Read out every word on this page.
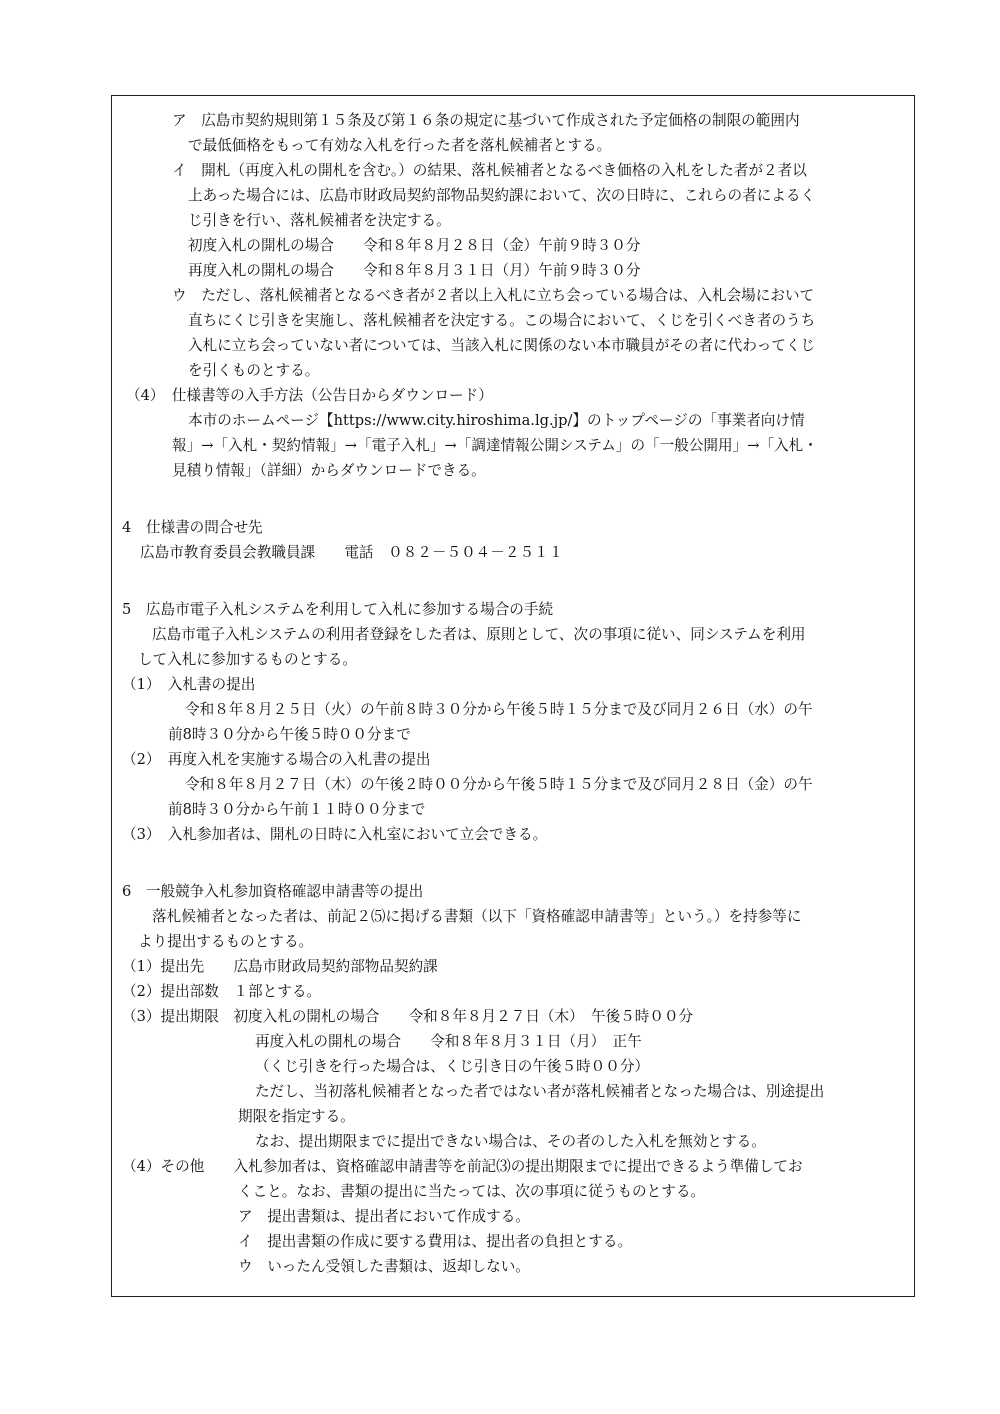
ア　広島市契約規則第１５条及び第１６条の規定に基づいて作成された予定価格の制限の範囲内
で最低価格をもって有効な入札を行った者を落札候補者とする。
イ　開札（再度入札の開札を含む。）の結果、落札候補者となるべき価格の入札をした者が２者以
上あった場合には、広島市財政局契約部物品契約課において、次の日時に、これらの者によるく
じ引きを行い、落札候補者を決定する。
初度入札の開札の場合　　令和８年８月２８日（金）午前９時３０分
再度入札の開札の場合　　令和８年８月３１日（月）午前９時３０分
ウ　ただし、落札候補者となるべき者が２者以上入札に立ち会っている場合は、入札会場において
直ちにくじ引きを実施し、落札候補者を決定する。この場合において、くじを引くべき者のうち
入札に立ち会っていない者については、当該入札に関係のない本市職員がその者に代わってくじ
を引くものとする。
（4）　仕様書等の入手方法（公告日からダウンロード）
本市のホームページ【https://www.city.hiroshima.lg.jp/】のトップページの「事業者向け情
報」→「入札・契約情報」→「電子入札」→「調達情報公開システム」の「一般公開用」→「入札・
見積り情報」（詳細）からダウンロードできる。
4　仕様書の問合せ先
広島市教育委員会教職員課　　電話　０８２－５０４－２５１１
5　広島市電子入札システムを利用して入札に参加する場合の手続
広島市電子入札システムの利用者登録をした者は、原則として、次の事項に従い、同システムを利用
して入札に参加するものとする。
（1）　入札書の提出
令和８年８月２５日（火）の午前８時３０分から午後５時１５分まで及び同月２６日（水）の午
前8時３０分から午後５時００分まで
（2）　再度入札を実施する場合の入札書の提出
令和８年８月２７日（木）の午後２時００分から午後５時１５分まで及び同月２８日（金）の午
前8時３０分から午前１１時００分まで
（3）　入札参加者は、開札の日時に入札室において立会できる。
6　一般競争入札参加資格確認申請書等の提出
落札候補者となった者は、前記２⑸に掲げる書類（以下「資格確認申請書等」という。）を持参等に
より提出するものとする。
（1）提出先　　広島市財政局契約部物品契約課
（2）提出部数　１部とする。
（3）提出期限　初度入札の開札の場合　　令和８年８月２７日（木）　午後５時００分
再度入札の開札の場合　　令和８年８月３１日（月）　正午
（くじ引きを行った場合は、くじ引き日の午後５時００分）
ただし、当初落札候補者となった者ではない者が落札候補者となった場合は、別途提出
期限を指定する。
なお、提出期限までに提出できない場合は、その者のした入札を無効とする。
（4）その他　　入札参加者は、資格確認申請書等を前記⑶の提出期限までに提出できるよう準備してお
くこと。なお、書類の提出に当たっては、次の事項に従うものとする。
ア　提出書類は、提出者において作成する。
イ　提出書類の作成に要する費用は、提出者の負担とする。
ウ　いったん受領した書類は、返却しない。
